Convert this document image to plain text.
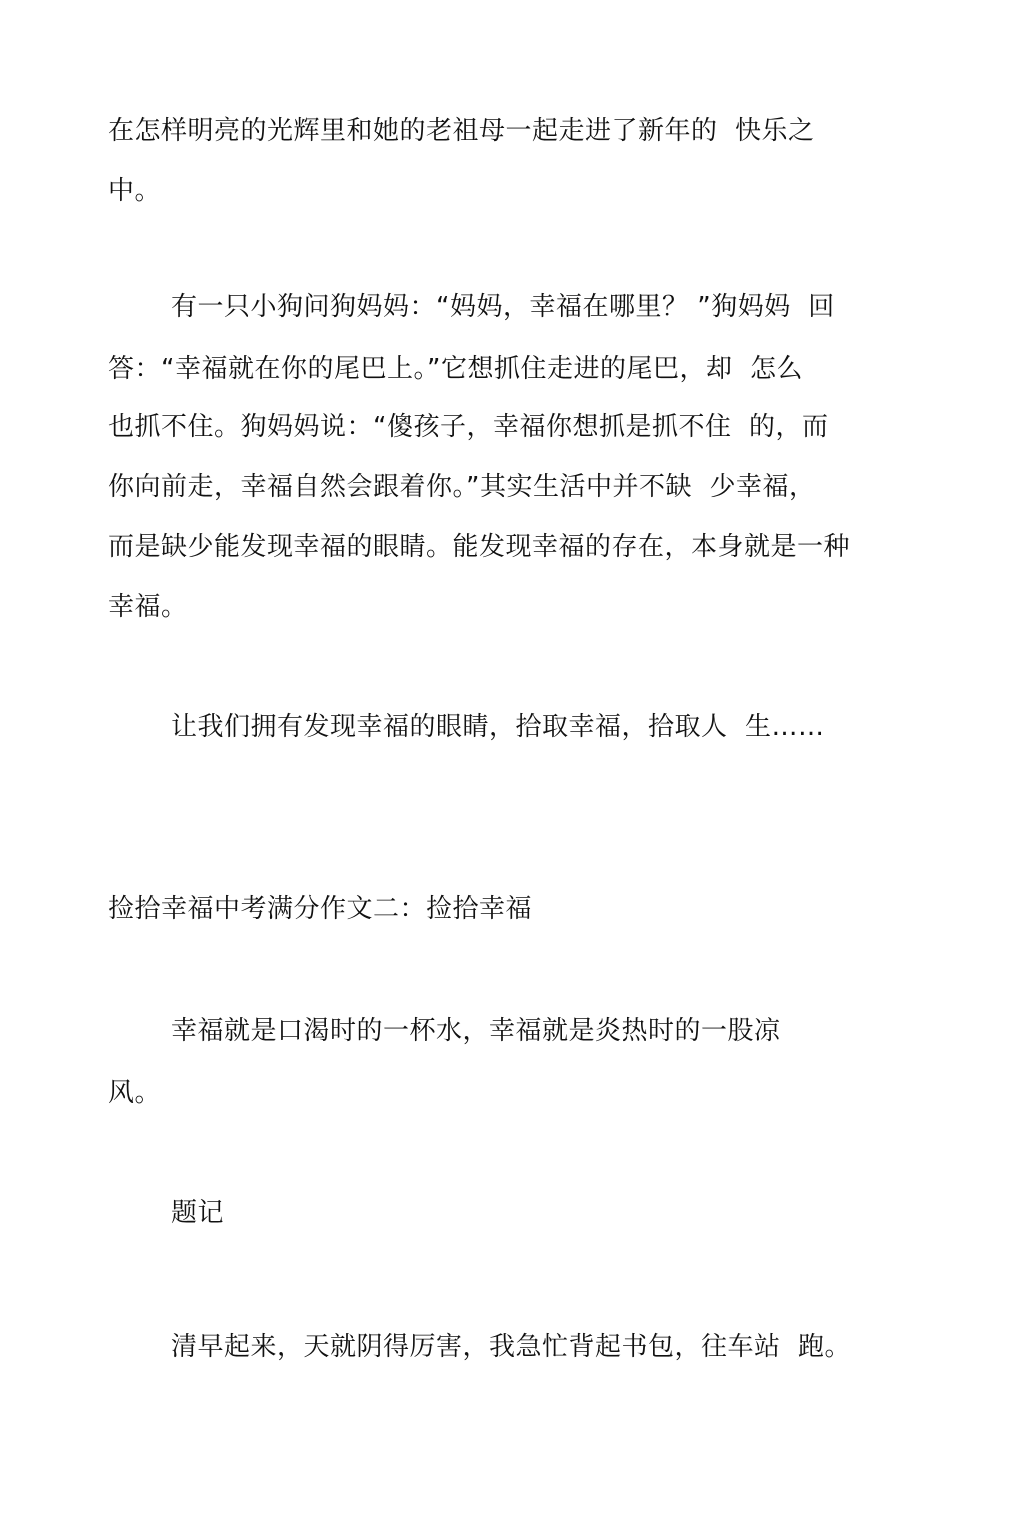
在怎样明亮的光辉里和她的老祖母一起走进了新年的  快乐之
中。
有一只小狗问狗妈妈：“妈妈，幸福在哪里？ ”狗妈妈  回
答：“幸福就在你的尾巴上。”它想抓住走进的尾巴，却  怎么
也抓不住。狗妈妈说：“傻孩子，幸福你想抓是抓不住  的，而
你向前走，幸福自然会跟着你。”其实生活中并不缺  少幸福，
而是缺少能发现幸福的眼睛。能发现幸福的存在，本身就是一种
幸福。
让我们拥有发现幸福的眼睛，拾取幸福，拾取人  生……
捡拾幸福中考满分作文二：捡拾幸福
幸福就是口渴时的一杯水，幸福就是炎热时的一股凉
风。
题记
清早起来，天就阴得厉害，我急忙背起书包，往车站  跑。
